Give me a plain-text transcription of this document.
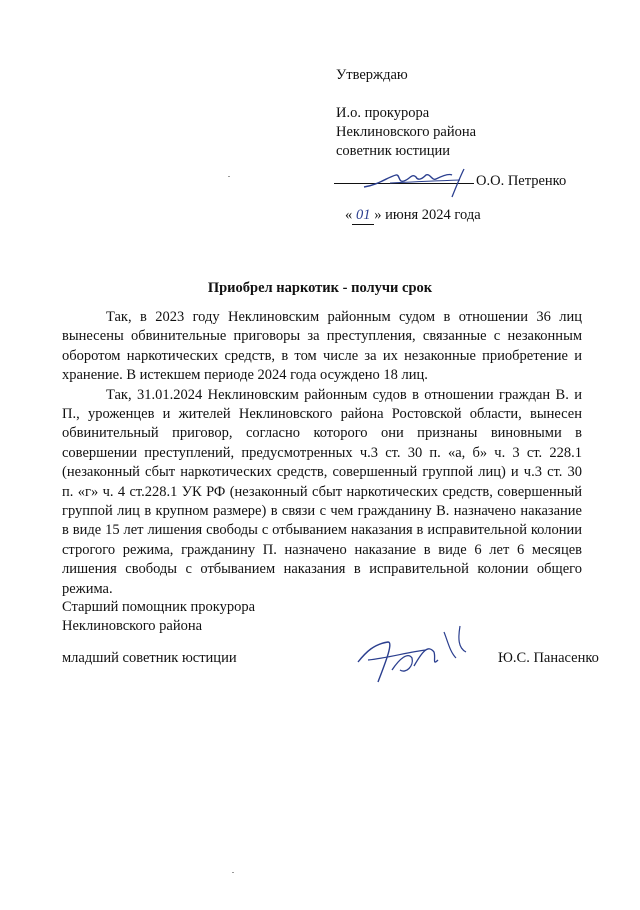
Утверждаю
И.о. прокурора
Неклиновского района
советник юстиции
О.О. Петренко
« 01 » июня 2024 года
Приобрел наркотик - получи срок

Так, в 2023 году Неклиновским районным судом в отношении 36 лиц вынесены обвинительные приговоры за преступления, связанные с незаконным оборотом наркотических средств, в том числе за их незаконные приобретение и хранение. В истекшем периоде 2024 года осуждено 18 лиц.

Так, 31.01.2024 Неклиновским районным судов в отношении граждан В. и П., уроженцев и жителей Неклиновского района Ростовской области, вынесен обвинительный приговор, согласно которого они признаны виновными в совершении преступлений, предусмотренных ч.3 ст. 30 п. «а, б» ч. 3 ст. 228.1 (незаконный сбыт наркотических средств, совершенный группой лиц) и ч.3 ст. 30 п. «г» ч. 4 ст.228.1 УК РФ (незаконный сбыт наркотических средств, совершенный группой лиц в крупном размере) в связи с чем гражданину В. назначено наказание в виде 15 лет лишения свободы с отбыванием наказания в исправительной колонии строгого режима, гражданину П. назначено наказание в виде 6 лет 6 месяцев лишения свободы с отбыванием наказания в исправительной колонии общего режима.

Старший помощник прокурора
Неклиновского района
младший советник юстиции	Ю.С. Панасенко
